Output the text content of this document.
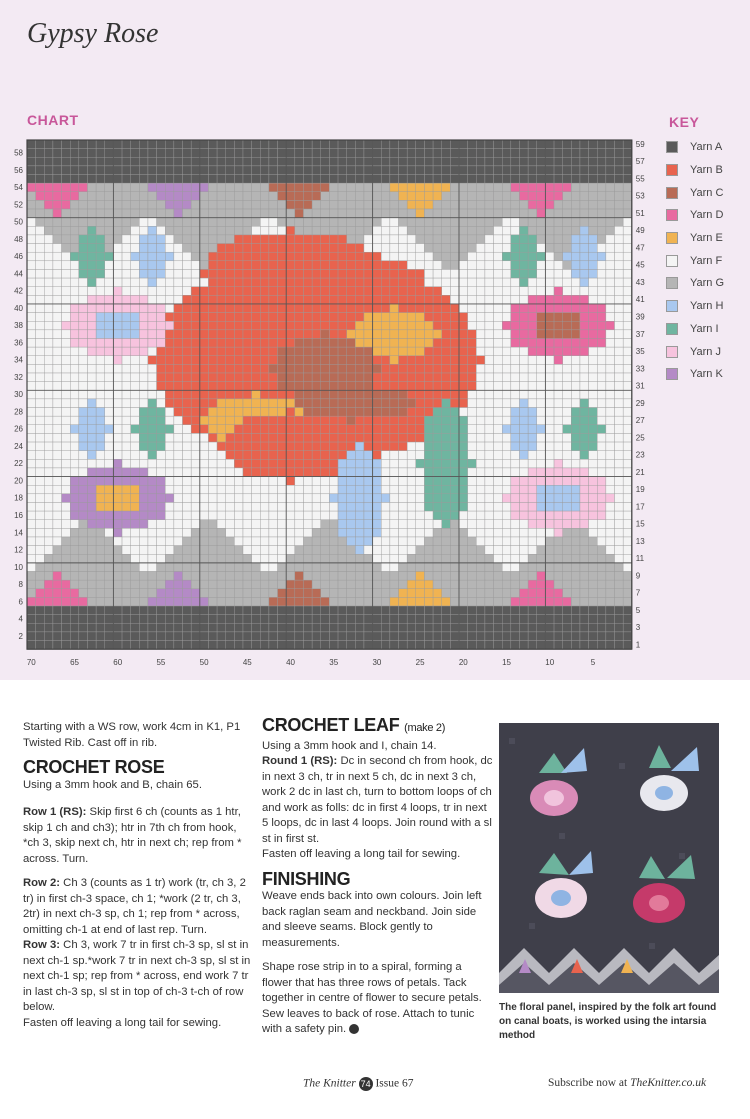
Gypsy Rose
CHART	KEY
58
56
54
52
50
48
46
44
42
40
38
36
34
32
30
28
26
24
22
20
18
16
14
12
10
8
6
4
2
59
57
55
53
51
49
47
45
43
41
39
37
35
33
31
29
27
25
23
21
19
17
15
13
11
9
7
5
3
1
70	65	60	55	50	45	40	35	30	25	20	15	10	5
Yarn A
Yarn B
Yarn C
Yarn D
Yarn E
Yarn F
Yarn G
Yarn H
Yarn I
Yarn J
Yarn K

Starting with a WS row, work 4cm in K1, P1 Twisted Rib. Cast off in rib.

CROCHET ROSE

Using a 3mm hook and B, chain 65.

Row 1 (RS): Skip first 6 ch (counts as 1 htr, skip 1 ch and ch3); htr in 7th ch from hook, *ch 3, skip next ch, htr in next ch; rep from * across. Turn.

Row 2: Ch 3 (counts as 1 tr) work (tr, ch 3, 2 tr) in first ch-3 space, ch 1; *work (2 tr, ch 3, 2tr) in next ch-3 sp, ch 1; rep from * across, omitting ch-1 at end of last rep. Turn.

Row 3: Ch 3, work 7 tr in first ch-3 sp, sl st in next ch-1 sp.*work 7 tr in next ch-3 sp, sl st in next ch-1 sp; rep from * across, end work 7 tr in last ch-3 sp, sl st in top of ch-3 t-ch of row below.

Fasten off leaving a long tail for sewing.

CROCHET LEAF (make 2)

Using a 3mm hook and I, chain 14.

Round 1 (RS): Dc in second ch from hook, dc in next 3 ch, tr in next 5 ch, dc in next 3 ch, work 2 dc in last ch, turn to bottom loops of ch and work as folls: dc in first 4 loops, tr in next 5 loops, dc in last 4 loops. Join round with a sl st in first st.

Fasten off leaving a long tail for sewing.

FINISHING

Weave ends back into own colours. Join left back raglan seam and neckband. Join side and sleeve seams. Block gently to measurements.

Shape rose strip in to a spiral, forming a flower that has three rows of petals. Tack together in centre of flower to secure petals. Sew leaves to back of rose. Attach to tunic with a safety pin.

The floral panel, inspired by the folk art found on canal boats, is worked using the intarsia method
The Knitter 74 Issue 67	Subscribe now at TheKnitter.co.uk
